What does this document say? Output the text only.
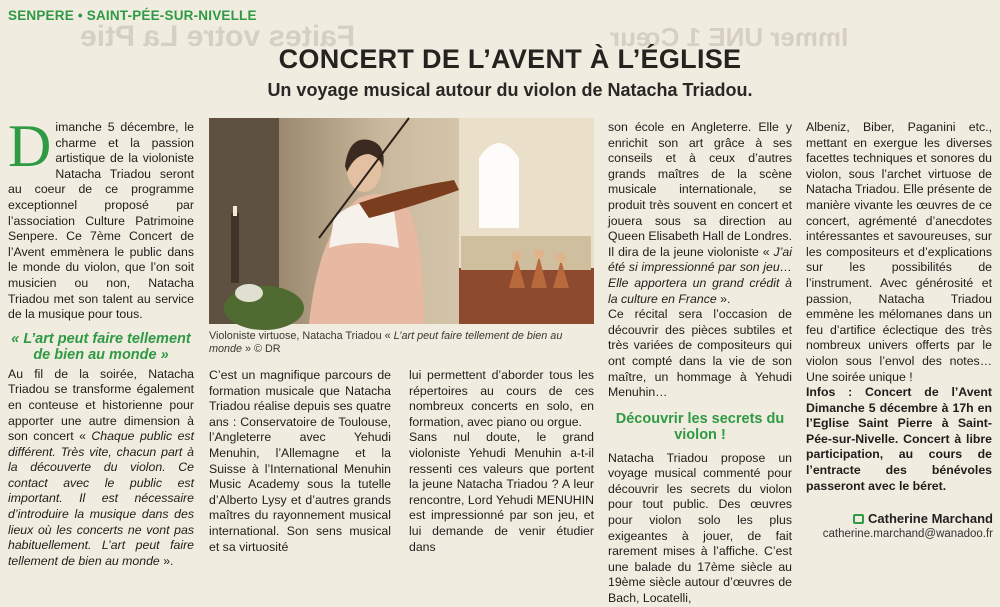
Faites votre La Ptie	Immer UNE 1 Cœur
SENPERE • SAINT-PÉE-SUR-NIVELLE
CONCERT DE L’AVENT À L’ÉGLISE
Un voyage musical autour du violon de Natacha Triadou.

Dimanche 5 décembre, le charme et la passion artistique de la violoniste Natacha Triadou seront au coeur de ce programme exceptionnel proposé par l’association Culture Patrimoine Senpere. Ce 7ème Concert de l’Avent emmènera le public dans le monde du violon, que l’on soit musicien ou non, Natacha Triadou met son talent au service de la musique pour tous.

« L’art peut faire tellement de bien au monde »

Au fil de la soirée, Natacha Triadou se transforme également en conteuse et historienne pour apporter une autre dimension à son concert « Chaque public est différent. Très vite, chacun part à la découverte du violon. Ce contact avec le public est important. Il est nécessaire d’introduire la musique dans des lieux où les concerts ne vont pas habituellement. L’art peut faire tellement de bien au monde ».

Violoniste virtuose, Natacha Triadou « L’art peut faire tellement de bien au monde » © DR

C’est un magnifique parcours de formation musicale que Natacha Triadou réalise depuis ses quatre ans : Conservatoire de Toulouse, l’Angleterre avec Yehudi Menuhin, l’Allemagne et la Suisse à l’International Menuhin Music Academy sous la tutelle d’Alberto Lysy et d’autres grands maîtres du rayonnement musical international. Son sens musical et sa virtuosité

lui permettent d’aborder tous les répertoires au cours de ces nombreux concerts en solo, en formation, avec piano ou orgue.

Sans nul doute, le grand violoniste Yehudi Menuhin a-t-il ressenti ces valeurs que portent la jeune Natacha Triadou ? A leur rencontre, Lord Yehudi MENUHIN est impressionné par son jeu, et lui demande de venir étudier dans

son école en Angleterre. Elle y enrichit son art grâce à ses conseils et à ceux d’autres grands maîtres de la scène musicale internationale, se produit très souvent en concert et jouera sous sa direction au Queen Elisabeth Hall de Londres. Il dira de la jeune violoniste « J’ai été si impressionné par son jeu… Elle apportera un grand crédit à la culture en France ».

Ce récital sera l’occasion de découvrir des pièces subtiles et très variées de compositeurs qui ont compté dans la vie de son maître, un hommage à Yehudi Menuhin…

Découvrir les secrets du violon !

Natacha Triadou propose un voyage musical commenté pour découvrir les secrets du violon pour tout public. Des œuvres pour violon solo les plus exigeantes à jouer, de fait rarement mises à l’affiche. C’est une balade du 17ème siècle au 19ème siècle autour d’œuvres de Bach, Locatelli,

Albeniz, Biber, Paganini etc., mettant en exergue les diverses facettes techniques et sonores du violon, sous l’archet virtuose de Natacha Triadou. Elle présente de manière vivante les œuvres de ce concert, agrémenté d’anecdotes intéressantes et savoureuses, sur les compositeurs et d’explications sur les possibilités de l’instrument. Avec générosité et passion, Natacha Triadou emmène les mélomanes dans un feu d’artifice éclectique des très nombreux univers offerts par le violon sous l’envol des notes… Une soirée unique !

Infos : Concert de l’Avent Dimanche 5 décembre à 17h en l’Eglise Saint Pierre à Saint-Pée-sur-Nivelle. Concert à libre participation, au cours de l’entracte des bénévoles passeront avec le béret.

Catherine Marchand
catherine.marchand@wanadoo.fr
